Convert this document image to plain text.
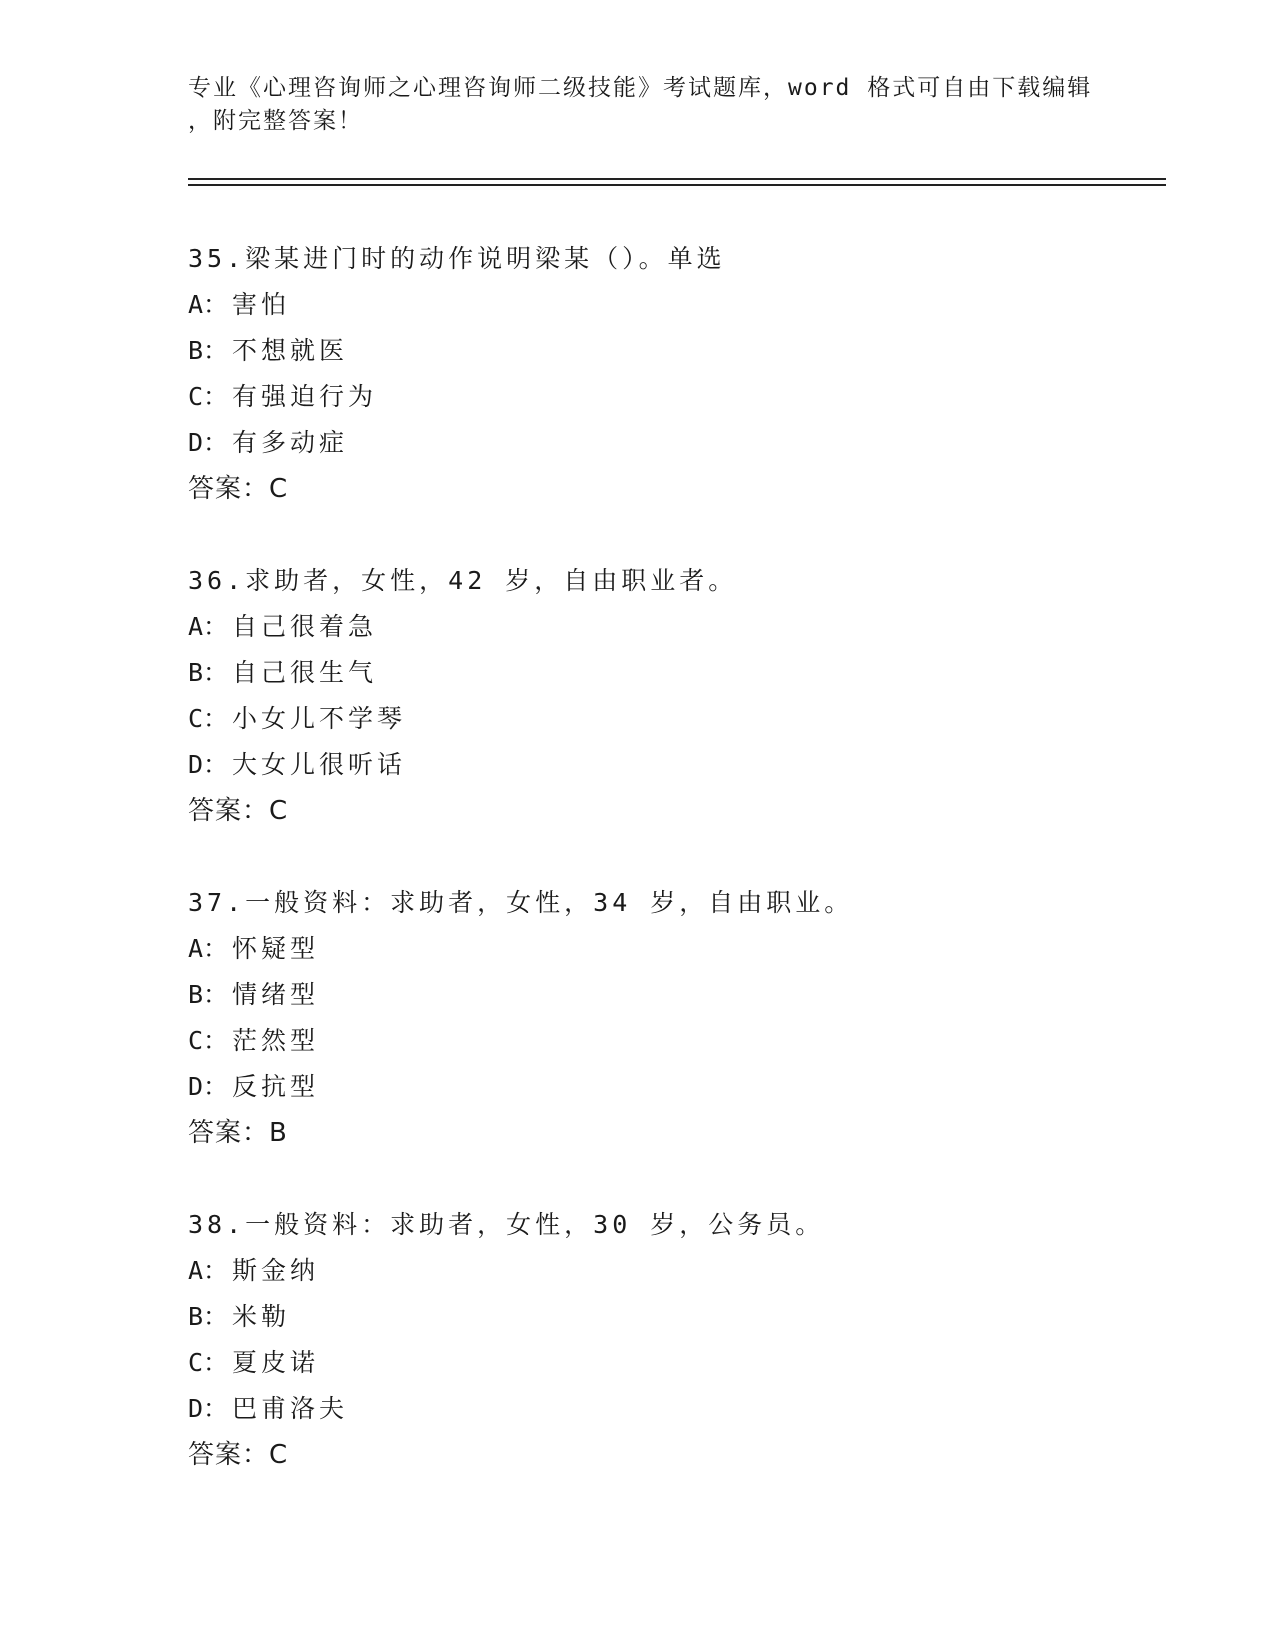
专业《心理咨询师之心理咨询师二级技能》考试题库，word 格式可自由下载编辑
，附完整答案！
35.梁某进门时的动作说明梁某（）。单选
A： 害怕
B： 不想就医
C： 有强迫行为
D： 有多动症
答案：C
36.求助者，女性，42 岁，自由职业者。
A： 自己很着急
B： 自己很生气
C： 小女儿不学琴
D： 大女儿很听话
答案：C
37.一般资料：求助者，女性，34 岁，自由职业。
A： 怀疑型
B： 情绪型
C： 茫然型
D： 反抗型
答案：B
38.一般资料：求助者，女性，30 岁，公务员。
A： 斯金纳
B： 米勒
C： 夏皮诺
D： 巴甫洛夫
答案：C
